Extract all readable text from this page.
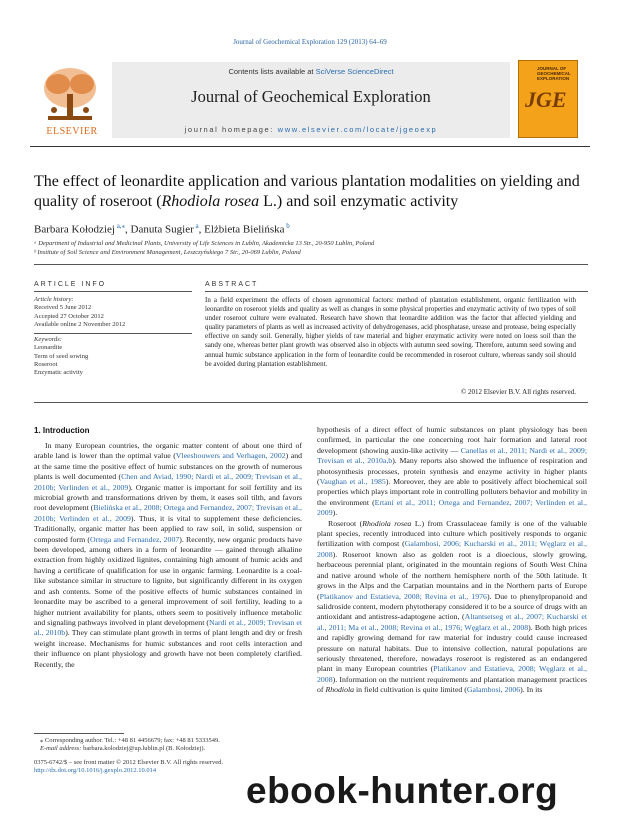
Journal of Geochemical Exploration 129 (2013) 64–69
ELSEVIER
Contents lists available at SciVerse ScienceDirect
Journal of Geochemical Exploration
journal homepage: www.elsevier.com/locate/jgeoexp
JOURNAL OF GEOCHEMICAL EXPLORATION
JGE
The effect of leonardite application and various plantation modalities on yielding and quality of roseroot (Rhodiola rosea L.) and soil enzymatic activity
Barbara Kołodziej $^{a,⁎}$, Danuta Sugier $^a$, Elżbieta Bielińska $^b$
ᵃ Department of Industrial and Medicinal Plants, University of Life Sciences in Lublin, Akademicka 13 Str., 20-950 Lublin, Poland
ᵇ Institute of Soil Science and Environment Management, Leszczyńskiego 7 Str., 20-069 Lublin, Poland
ARTICLE INFO
Article history:
Received 5 June 2012
Accepted 27 October 2012
Available online 2 November 2012
Keywords:
Leonardite
Term of seed sowing
Roseroot
Enzymatic activity
ABSTRACT
In a field experiment the effects of chosen agronomical factors: method of plantation establishment, organic fertilization with leonardite on roseroot yields and quality as well as changes in some physical properties and enzymatic activity of two types of soil under roseroot culture were evaluated. Research have shown that leonardite addition was the factor that affected yielding and quality parameters of plants as well as increased activity of dehydrogenases, acid phosphatase, urease and protease, being especially effective on sandy soil. Generally, higher yields of raw material and higher enzymatic activity were noted on loess soil than the sandy one, whereas better plant growth was observed also in objects with autumn seed sowing. Therefore, autumn seed sowing and annual humic substance application in the form of leonardite could be recommended in roseroot culture, whereas sandy soil should be avoided during plantation establishment.
© 2012 Elsevier B.V. All rights reserved.
1. Introduction

In many European countries, the organic matter content of about one third of arable land is lower than the optimal value (Vleeshouwers and Verhagen, 2002) and at the same time the positive effect of humic substances on the growth of numerous plants is well documented (Chen and Aviad, 1990; Nardi et al., 2009; Trevisan et al., 2010b; Verlinden et al., 2009). Organic matter is important for soil fertility and its microbial growth and transformations driven by them, it eases soil tilth, and favors root development (Bielińska et al., 2008; Ortega and Fernandez, 2007; Trevisan et al., 2010b; Verlinden et al., 2009). Thus, it is vital to supplement these deficiencies. Traditionally, organic matter has been applied to raw soil, in solid, suspension or composted form (Ortega and Fernandez, 2007). Recently, new organic products have been developed, among others in a form of leonardite — gained through alkaline extraction from highly oxidized lignites, containing high amount of humic acids and having a certificate of qualification for use in organic farming. Leonardite is a coal-like substance similar in structure to lignite, but significantly different in its oxygen and ash contents. Some of the positive effects of humic substances contained in leonardite may be ascribed to a general improvement of soil fertility, leading to a higher nutrient availability for plants, others seem to positively influence metabolic and signaling pathways involved in plant development (Nardi et al., 2009; Trevisan et al., 2010b). They can stimulate plant growth in terms of plant length and dry or fresh weight increase. Mechanisms for humic substances and root cells interaction and their influence on plant physiology and growth have not been completely clarified. Recently, the

hypothesis of a direct effect of humic substances on plant physiology has been confirmed, in particular the one concerning root hair formation and lateral root development (showing auxin-like activity — Canellas et al., 2011; Nardi et al., 2009; Trevisan et al., 2010a,b). Many reports also showed the influence of respiration and photosynthesis processes, protein synthesis and enzyme activity in higher plants (Vaughan et al., 1985). Moreover, they are able to positively affect biochemical soil properties which plays important role in controlling polluters behavior and mobility in the environment (Ertani et al., 2011; Ortega and Fernandez, 2007; Verlinden et al., 2009).

Roseroot (Rhodiola rosea L.) from Crassulaceae family is one of the valuable plant species, recently introduced into culture which positively responds to organic fertilization with compost (Galambosi, 2006; Kucharski et al., 2011; Węglarz et al., 2008). Roseroot known also as golden root is a dioecious, slowly growing, herbaceous perennial plant, originated in the mountain regions of South West China and native around whole of the northern hemisphere north of the 50th latitude. It grows in the Alps and the Carpatian mountains and in the Northern parts of Europe (Platikanov and Estatieva, 2008; Revina et al., 1976). Due to phenylpropanoid and salidroside content, modern phytotherapy considered it to be a source of drugs with an antioxidant and antistress-adaptogene action, (Altantsetseg et al., 2007; Kucharski et al., 2011; Ma et al., 2008; Revina et al., 1976; Węglarz et al., 2008). Both high prices and rapidly growing demand for raw material for industry could cause increased pressure on natural habitats. Due to intensive collection, natural populations are seriously threatened, therefore, nowadays roseroot is registered as an endangered plant in many European countries (Platikanov and Estatieva, 2008; Węglarz et al., 2008). Information on the nutrient requirements and plantation management practices of Rhodiola in field cultivation is quite limited (Galambosi, 2006). In its

⁎ Corresponding author. Tel.: +48 81 4456679; fax: +48 81 5333549.
E-mail address: barbara.kolodziej@up.lublin.pl (B. Kołodziej).
0375-6742/$ – see front matter © 2012 Elsevier B.V. All rights reserved.
http://dx.doi.org/10.1016/j.gexplo.2012.10.014	ebook-hunter.org
